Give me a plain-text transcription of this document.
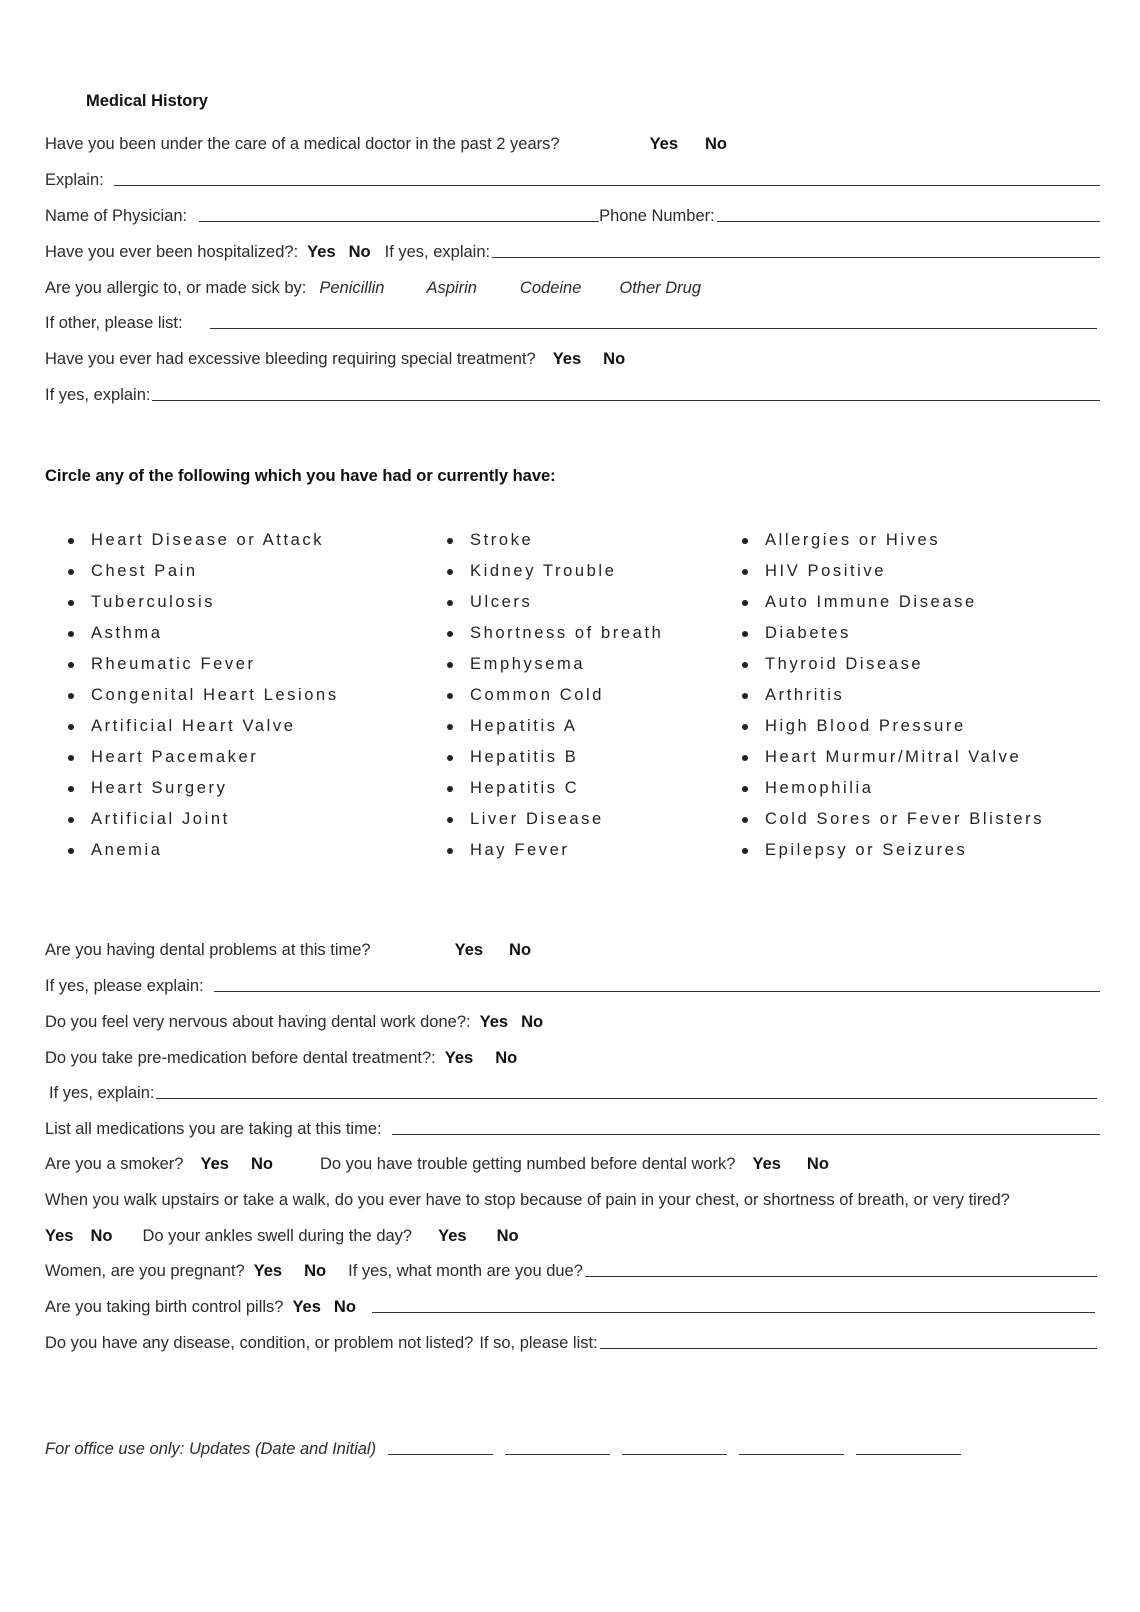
Medical History
Have you been under the care of a medical doctor in the past 2 years?	Yes No
Explain:
Name of Physician:	Phone Number:
Have you ever been hospitalized?: Yes No If yes, explain:
Are you allergic to, or made sick by: Penicillin	Aspirin	Codeine Other Drug
If other, please list:
Have you ever had excessive bleeding requiring special treatment? Yes No
If yes, explain:
Circle any of the following which you have had or currently have:
Heart Disease or Attack
Chest Pain
Tuberculosis
Asthma
Rheumatic Fever
Congenital Heart Lesions
Artificial Heart Valve
Heart Pacemaker
Heart Surgery
Artificial Joint
Anemia
Stroke
Kidney Trouble
Ulcers
Shortness of breath
Emphysema
Common Cold
Hepatitis A
Hepatitis B
Hepatitis C
Liver Disease
Hay Fever
Allergies or Hives
HIV Positive
Auto Immune Disease
Diabetes
Thyroid Disease
Arthritis
High Blood Pressure
Heart Murmur/Mitral Valve
Hemophilia
Cold Sores or Fever Blisters
Epilepsy or Seizures
Are you having dental problems at this time?	Yes No
If yes, please explain:
Do you feel very nervous about having dental work done?: Yes No
Do you take pre-medication before dental treatment?: Yes No
If yes, explain:
List all medications you are taking at this time:
Are you a smoker? Yes No	Do you have trouble getting numbed before dental work? Yes No
When you walk upstairs or take a walk, do you ever have to stop because of pain in your chest, or shortness of breath, or very tired?
Yes No Do your ankles swell during the day? Yes No
Women, are you pregnant? Yes No If yes, what month are you due?
Are you taking birth control pills? Yes No
Do you have any disease, condition, or problem not listed? If so, please list:
For office use only: Updates (Date and Initial)
